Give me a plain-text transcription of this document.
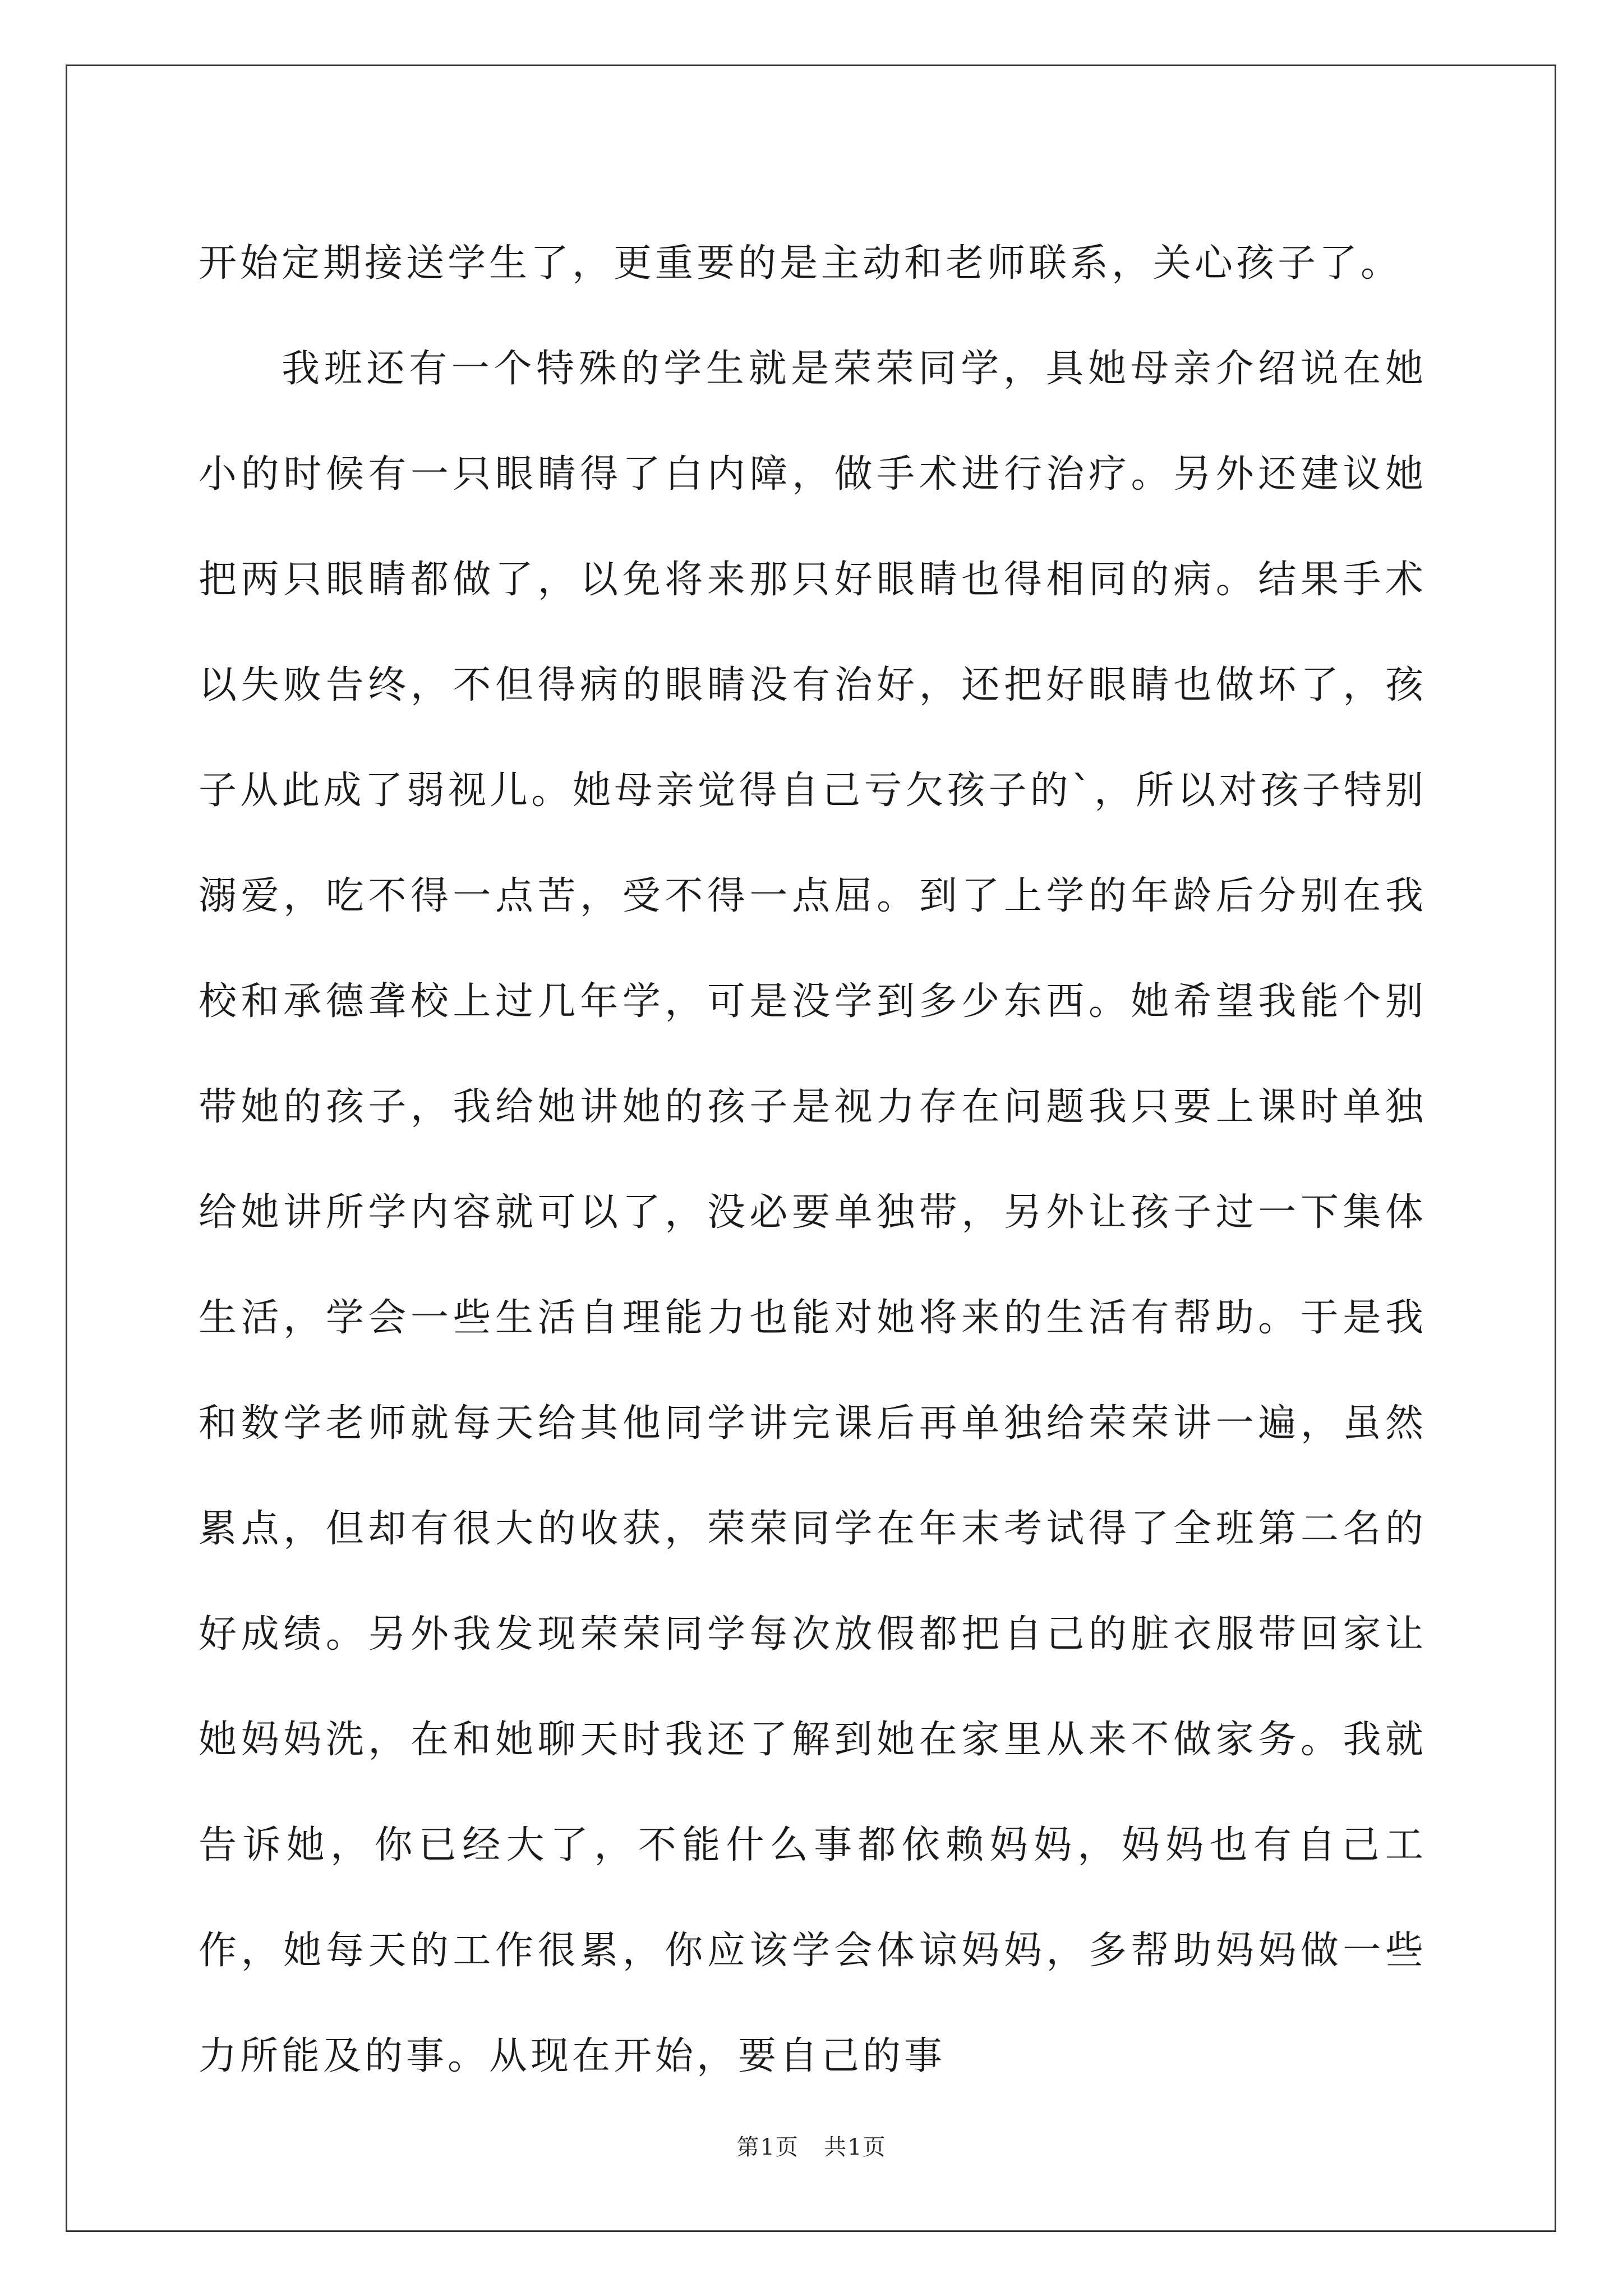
开始定期接送学生了，更重要的是主动和老师联系，关心孩子了。

我班还有一个特殊的学生就是荣荣同学，具她母亲介绍说在她小的时候有一只眼睛得了白内障，做手术进行治疗。另外还建议她把两只眼睛都做了，以免将来那只好眼睛也得相同的病。结果手术以失败告终，不但得病的眼睛没有治好，还把好眼睛也做坏了，孩子从此成了弱视儿。她母亲觉得自己亏欠孩子的`，所以对孩子特别溺爱，吃不得一点苦，受不得一点屈。到了上学的年龄后分别在我校和承德聋校上过几年学，可是没学到多少东西。她希望我能个别带她的孩子，我给她讲她的孩子是视力存在问题我只要上课时单独给她讲所学内容就可以了，没必要单独带，另外让孩子过一下集体生活，学会一些生活自理能力也能对她将来的生活有帮助。于是我和数学老师就每天给其他同学讲完课后再单独给荣荣讲一遍，虽然累点，但却有很大的收获，荣荣同学在年末考试得了全班第二名的好成绩。另外我发现荣荣同学每次放假都把自己的脏衣服带回家让她妈妈洗，在和她聊天时我还了解到她在家里从来不做家务。我就告诉她，你已经大了，不能什么事都依赖妈妈，妈妈也有自己工作，她每天的工作很累，你应该学会体谅妈妈，多帮助妈妈做一些力所能及的事。从现在开始，要自己的事

第1页 共1页
